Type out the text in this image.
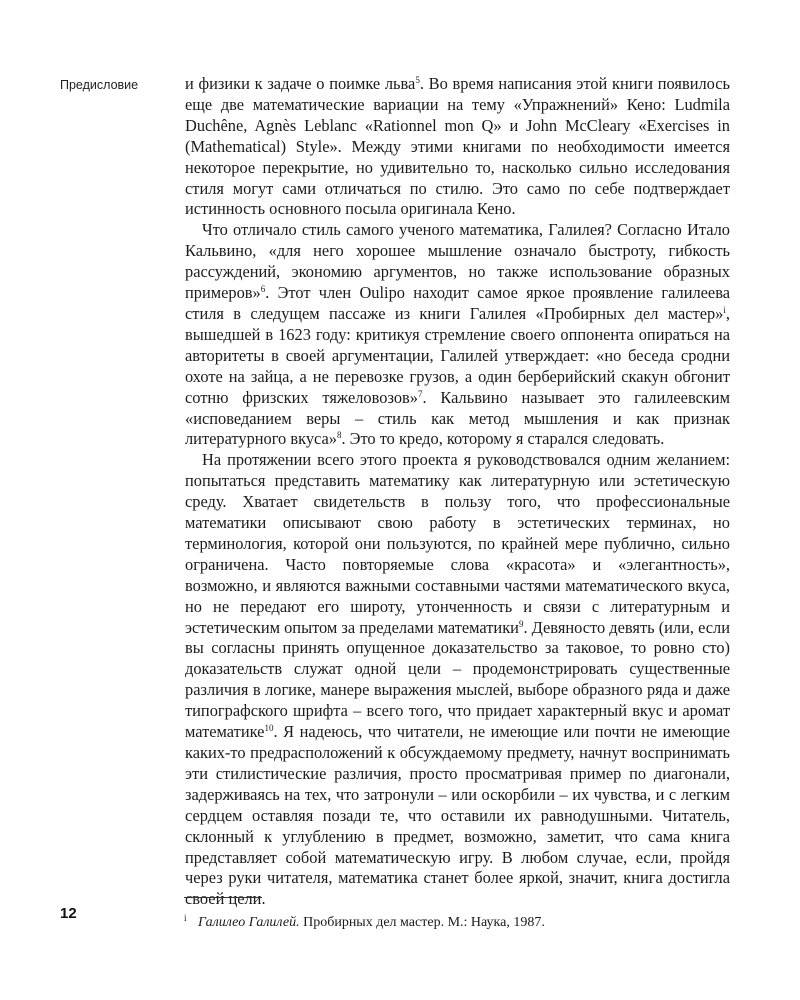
Предисловие	и физики к задаче о поимке льва$^5$. Во время написания этой книги появилось еще две математические вариации на тему «Упражнений» Кено: Ludmila Duchêne, Agnès Leblanc «Rationnel mon Q» и John McCleary «Exercises in (Mathematical) Style». Между этими книгами по необходимости имеется некоторое перекрытие, но удивительно то, насколько сильно исследования стиля могут сами отличаться по стилю. Это само по себе подтверждает истинность основного посыла оригинала Кено.

Что отличало стиль самого ученого математика, Галилея? Согласно Итало Кальвино, «для него хорошее мышление означало быстроту, гибкость рассуждений, экономию аргументов, но также использование образных примеров»$^6$. Этот член Oulipo находит самое яркое проявление галилеева стиля в следущем пассаже из книги Галилея «Пробирных дел мастер»$^i$, вышедшей в 1623 году: критикуя стремление своего оппонента опираться на авторитеты в своей аргументации, Галилей утверждает: «но беседа сродни охоте на зайца, а не перевозке грузов, а один берберийский скакун обгонит сотню фризских тяжеловозов»$^7$. Кальвино называет это галилеевским «исповеданием веры – стиль как метод мышления и как признак литературного вкуса»$^8$. Это то кредо, которому я старался следовать.

На протяжении всего этого проекта я руководствовался одним желанием: попытаться представить математику как литературную или эстетическую среду. Хватает свидетельств в пользу того, что профессиональные математики описывают свою работу в эстетических терминах, но терминология, которой они пользуются, по крайней мере публично, сильно ограничена. Часто повторяемые слова «красота» и «элегантность», возможно, и являются важными составными частями математического вкуса, но не передают его широту, утонченность и связи с литературным и эстетическим опытом за пределами математики$^9$. Девяносто девять (или, если вы согласны принять опущенное доказательство за таковое, то ровно сто) доказательств служат одной цели – продемонстрировать существенные различия в логике, манере выражения мыслей, выборе образного ряда и даже типографского шрифта – всего того, что придает характерный вкус и аромат математике$^{10}$. Я надеюсь, что читатели, не имеющие или почти не имеющие каких-то предрасположений к обсуждаемому предмету, начнут воспринимать эти стилистические различия, просто просматривая пример по диагонали, задерживаясь на тех, что затронули – или оскорбили – их чувства, и с легким сердцем оставляя позади те, что оставили их равнодушными. Читатель, склонный к углублению в предмет, возможно, заметит, что сама книга представляет собой математическую игру. В любом случае, если, пройдя через руки читателя, математика станет более яркой, значит, книга достигла своей цели.

12	i Галилео Галилей. Пробирных дел мастер. М.: Наука, 1987.
